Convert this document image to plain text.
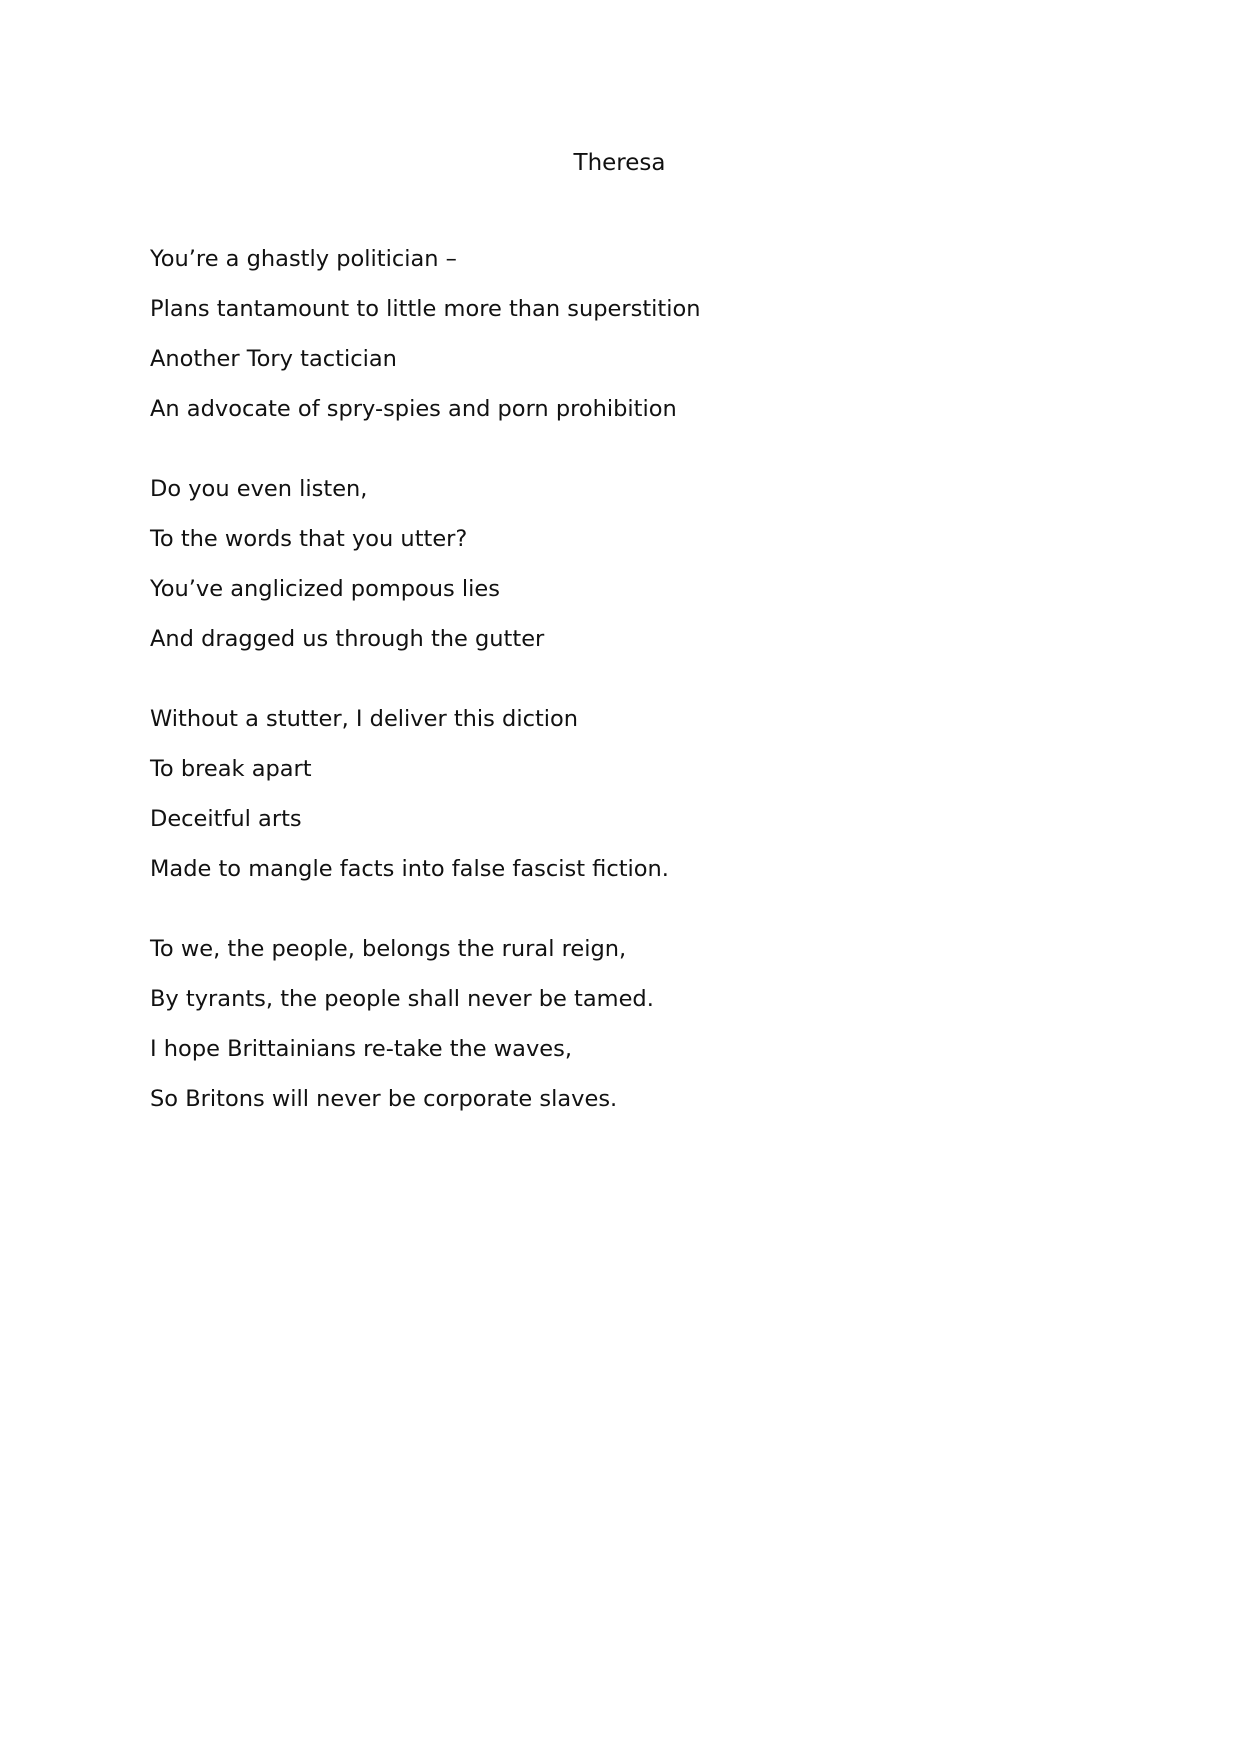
Theresa
You’re a ghastly politician –
Plans tantamount to little more than superstition
Another Tory tactician
An advocate of spry-spies and porn prohibition
Do you even listen,
To the words that you utter?
You’ve anglicized pompous lies
And dragged us through the gutter
Without a stutter, I deliver this diction
To break apart
Deceitful arts
Made to mangle facts into false fascist fiction.
To we, the people, belongs the rural reign,
By tyrants, the people shall never be tamed.
I hope Brittainians re-take the waves,
So Britons will never be corporate slaves.
